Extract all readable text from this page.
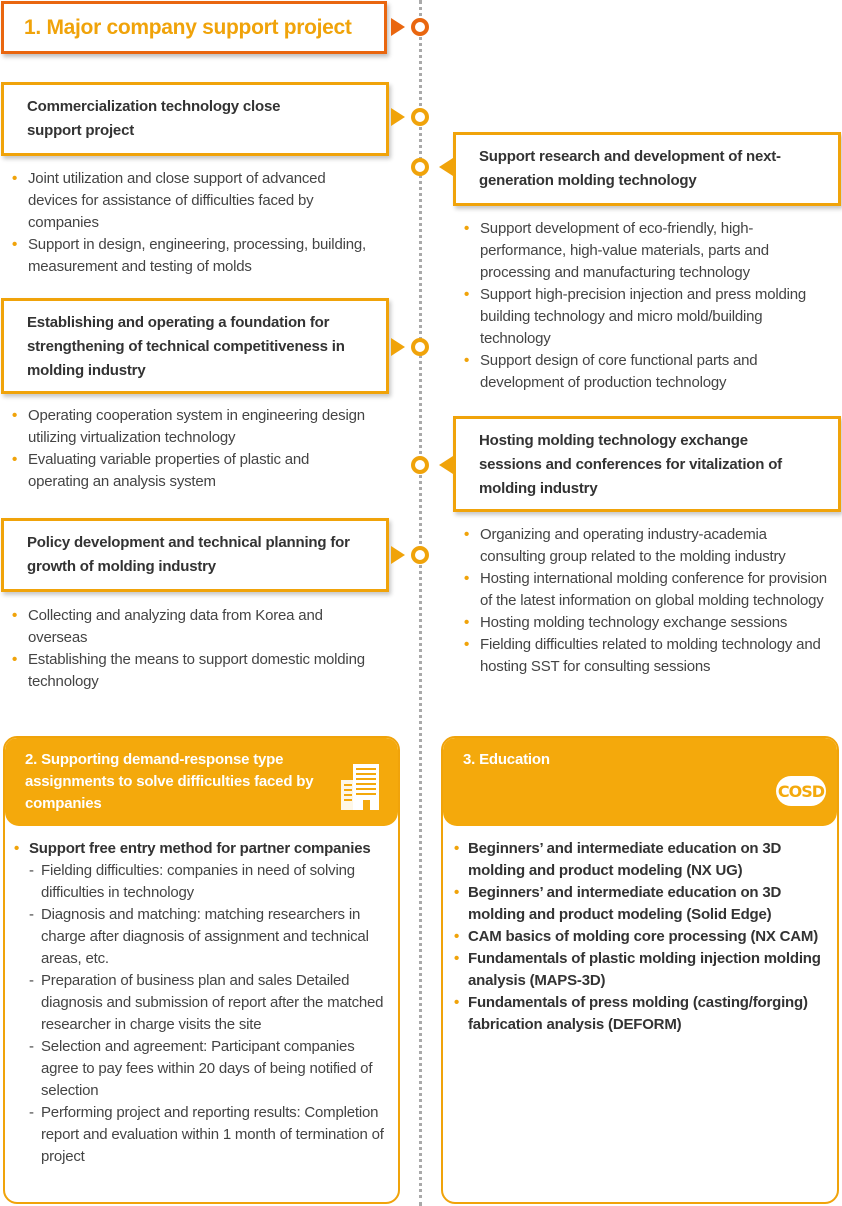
1. Major company support project
Commercialization technology close support project
• Joint utilization and close support of advanced devices for assistance of difficulties faced by companies
• Support in design, engineering, processing, building, measurement and testing of molds
Support research and development of next-generation molding technology
• Support development of eco-friendly, high-performance, high-value materials, parts and processing and manufacturing technology
• Support high-precision injection and press molding building technology and micro mold/building technology
• Support design of core functional parts and development of production technology
Establishing and operating a foundation for strengthening of technical competitiveness in molding industry
• Operating cooperation system in engineering design utilizing virtualization technology
• Evaluating variable properties of plastic and operating an analysis system
Hosting molding technology exchange sessions and conferences for vitalization of molding industry
• Organizing and operating industry-academia consulting group related to the molding industry
• Hosting international molding conference for provision of the latest information on global molding technology
• Hosting molding technology exchange sessions
• Fielding difficulties related to molding technology and hosting SST for consulting sessions
Policy development and technical planning for growth of molding industry
• Collecting and analyzing data from Korea and overseas
• Establishing the means to support domestic molding technology
2. Supporting demand-response type assignments to solve difficulties faced by companies
• Support free entry method for partner companies
- Fielding difficulties: companies in need of solving difficulties in technology
- Diagnosis and matching: matching researchers in charge after diagnosis of assignment and technical areas, etc.
- Preparation of business plan and sales Detailed diagnosis and submission of report after the matched researcher in charge visits the site
- Selection and agreement: Participant companies agree to pay fees within 20 days of being notified of selection
- Performing project and reporting results: Completion report and evaluation within 1 month of termination of project
3. Education
COSD
• Beginners’ and intermediate education on 3D molding and product modeling (NX UG)
• Beginners’ and intermediate education on 3D molding and product modeling (Solid Edge)
• CAM basics of molding core processing (NX CAM)
• Fundamentals of plastic molding injection molding analysis (MAPS-3D)
• Fundamentals of press molding (casting/forging) fabrication analysis (DEFORM)
